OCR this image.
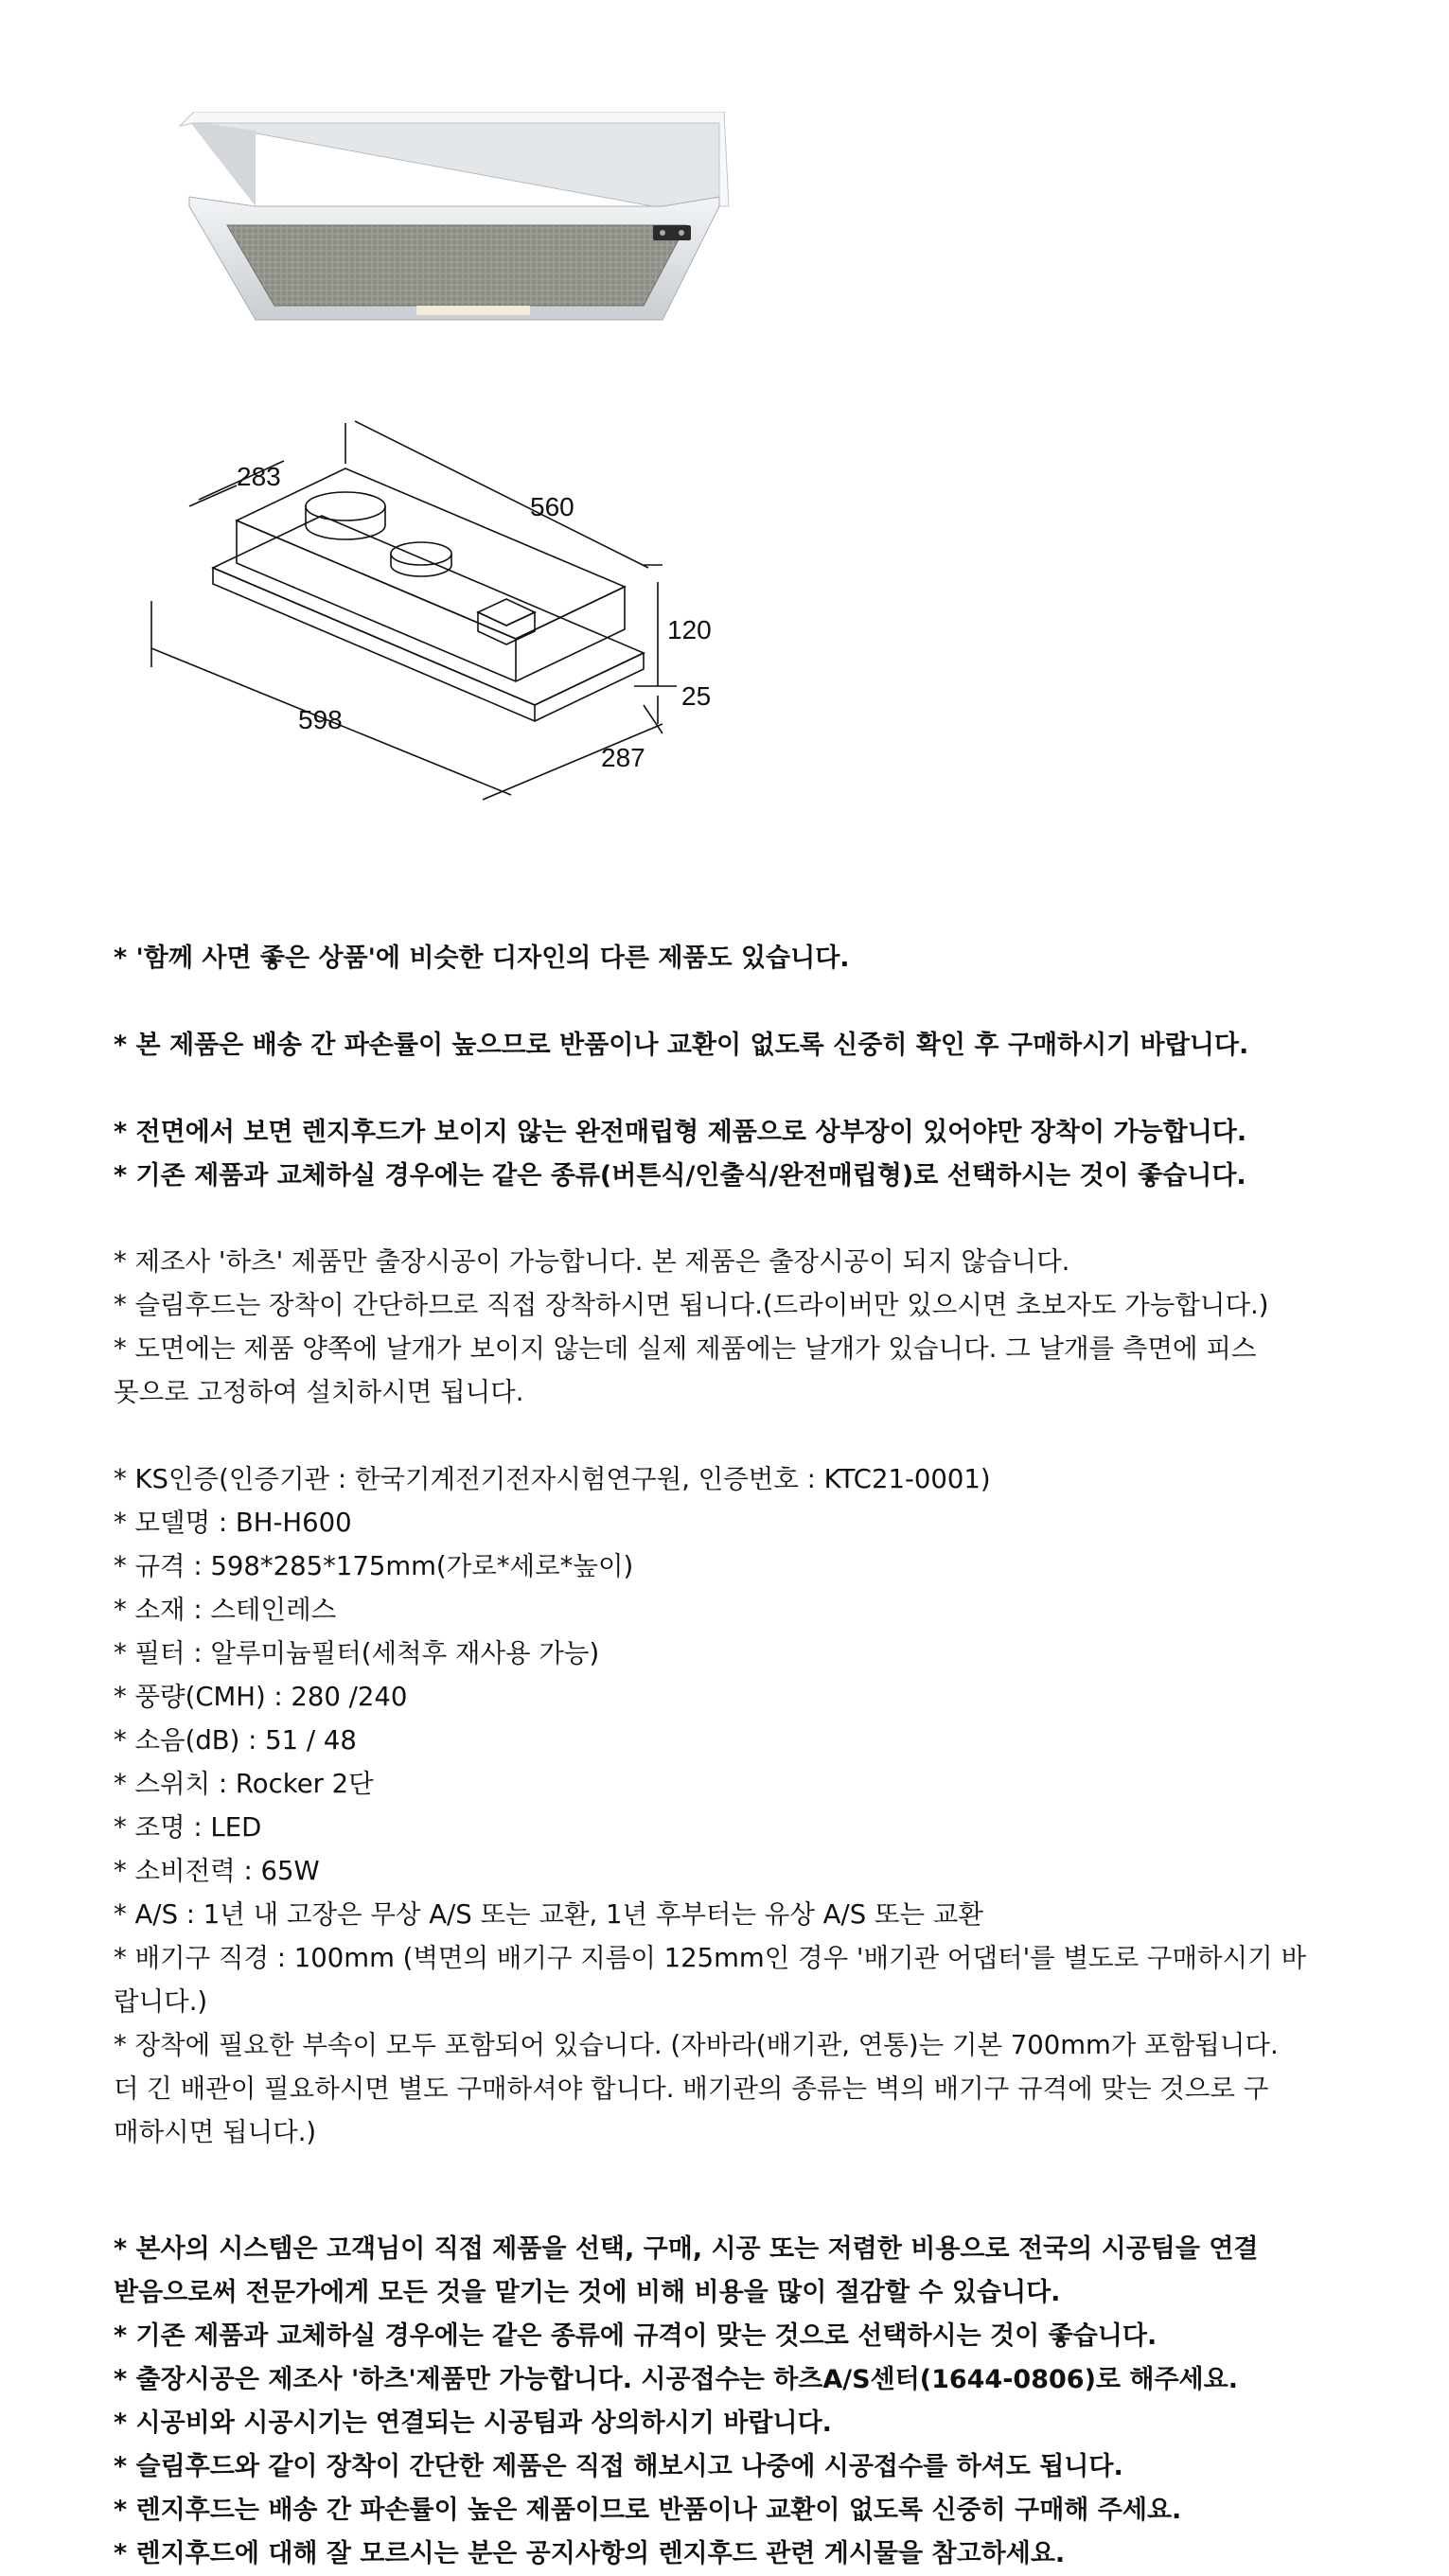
283
560
120
25
598
287
* '함께 사면 좋은 상품'에 비슷한 디자인의 다른 제품도 있습니다.
* 본 제품은 배송 간 파손률이 높으므로 반품이나 교환이 없도록 신중히 확인 후 구매하시기 바랍니다.
* 전면에서 보면 렌지후드가 보이지 않는 완전매립형 제품으로 상부장이 있어야만 장착이 가능합니다.
* 기존 제품과 교체하실 경우에는 같은 종류(버튼식/인출식/완전매립형)로 선택하시는 것이 좋습니다.
* 제조사 '하츠' 제품만 출장시공이 가능합니다. 본 제품은 출장시공이 되지 않습니다.
* 슬림후드는 장착이 간단하므로 직접 장착하시면 됩니다.(드라이버만 있으시면 초보자도 가능합니다.)
* 도면에는 제품 양쪽에 날개가 보이지 않는데 실제 제품에는 날개가 있습니다. 그 날개를 측면에 피스
못으로 고정하여 설치하시면 됩니다.
* KS인증(인증기관 : 한국기계전기전자시험연구원, 인증번호 : KTC21-0001)
* 모델명 : BH-H600
* 규격 : 598*285*175mm(가로*세로*높이)
* 소재 : 스테인레스
* 필터 : 알루미늄필터(세척후 재사용 가능)
* 풍량(CMH) : 280 /240
* 소음(dB) : 51 / 48
* 스위치 : Rocker 2단
* 조명 : LED
* 소비전력 : 65W
* A/S : 1년 내 고장은 무상 A/S 또는 교환, 1년 후부터는 유상 A/S 또는 교환
* 배기구 직경 : 100mm (벽면의 배기구 지름이 125mm인 경우 '배기관 어댑터'를 별도로 구매하시기 바
랍니다.)
* 장착에 필요한 부속이 모두 포함되어 있습니다. (자바라(배기관, 연통)는 기본 700mm가 포함됩니다.
더 긴 배관이 필요하시면 별도 구매하셔야 합니다. 배기관의 종류는 벽의 배기구 규격에 맞는 것으로 구
매하시면 됩니다.)
* 본사의 시스템은 고객님이 직접 제품을 선택, 구매, 시공 또는 저렴한 비용으로 전국의 시공팀을 연결
받음으로써 전문가에게 모든 것을 맡기는 것에 비해 비용을 많이 절감할 수 있습니다.
* 기존 제품과 교체하실 경우에는 같은 종류에 규격이 맞는 것으로 선택하시는 것이 좋습니다.
* 출장시공은 제조사 '하츠'제품만 가능합니다. 시공접수는 하츠A/S센터(1644-0806)로 해주세요.
* 시공비와 시공시기는 연결되는 시공팀과 상의하시기 바랍니다.
* 슬림후드와 같이 장착이 간단한 제품은 직접 해보시고 나중에 시공접수를 하셔도 됩니다.
* 렌지후드는 배송 간 파손률이 높은 제품이므로 반품이나 교환이 없도록 신중히 구매해 주세요.
* 렌지후드에 대해 잘 모르시는 분은 공지사항의 렌지후드 관련 게시물을 참고하세요.
